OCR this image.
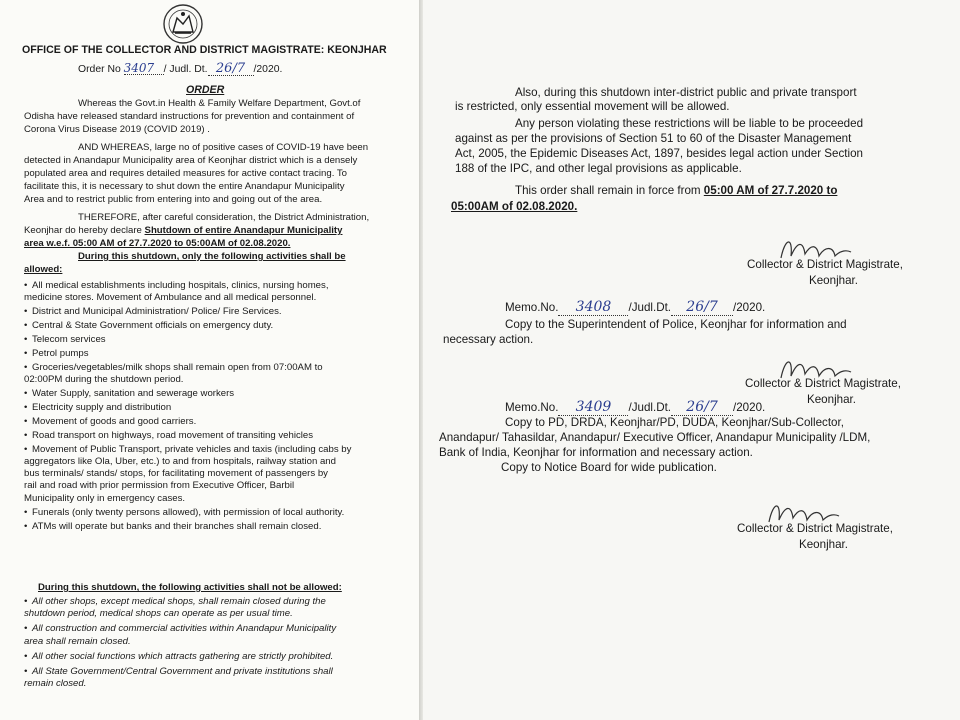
OFFICE OF THE COLLECTOR AND DISTRICT MAGISTRATE: KEONJHAR
Order No 3407 / Judl. Dt. 26/7 /2020.
ORDER
Whereas the Govt.in Health & Family Welfare Department, Govt.of
Odisha have released standard instructions for prevention and containment of
Corona Virus Disease 2019 (COVID 2019) .
AND WHEREAS, large no of positive cases of COVID-19 have been
detected in Anandapur Municipality area of Keonjhar district which is a densely
populated area and requires detailed measures for active contact tracing. To
facilitate this, it is necessary to shut down the entire Anandapur Municipality
Area and to restrict public from entering into and going out of the area.
THEREFORE, after careful consideration, the District Administration,
Keonjhar do hereby declare Shutdown of entire Anandapur Municipality
area w.e.f. 05:00 AM of 27.7.2020 to 05:00AM of 02.08.2020.
During this shutdown, only the following activities shall be
allowed:
• All medical establishments including hospitals, clinics, nursing homes,
medicine stores. Movement of Ambulance and all medical personnel.
• District and Municipal Administration/ Police/ Fire Services.
• Central & State Government officials on emergency duty.
• Telecom services
• Petrol pumps
• Groceries/vegetables/milk shops shall remain open from 07:00AM to
02:00PM during the shutdown period.
• Water Supply, sanitation and sewerage workers
• Electricity supply and distribution
• Movement of goods and good carriers.
• Road transport on highways, road movement of transiting vehicles
• Movement of Public Transport, private vehicles and taxis (including cabs by
aggregators like Ola, Uber, etc.) to and from hospitals, railway station and
bus terminals/ stands/ stops, for facilitating movement of passengers by
rail and road with prior permission from Executive Officer, Barbil
Municipality only in emergency cases.
• Funerals (only twenty persons allowed), with permission of local authority.
• ATMs will operate but banks and their branches shall remain closed.
During this shutdown, the following activities shall not be allowed:
• All other shops, except medical shops, shall remain closed during the
shutdown period, medical shops can operate as per usual time.
• All construction and commercial activities within Anandapur Municipality
area shall remain closed.
• All other social functions which attracts gathering are strictly prohibited.
• All State Government/Central Government and private institutions shall
remain closed.
Also, during this shutdown inter-district public and private transport
is restricted, only essential movement will be allowed.
Any person violating these restrictions will be liable to be proceeded
against as per the provisions of Section 51 to 60 of the Disaster Management
Act, 2005, the Epidemic Diseases Act, 1897, besides legal action under Section
188 of the IPC, and other legal provisions as applicable.
This order shall remain in force from 05:00 AM of 27.7.2020 to
05:00AM of 02.08.2020.
Collector & District Magistrate,
Keonjhar.
Memo.No. 3408 /Judl.Dt. 26/7 /2020.
Copy to the Superintendent of Police, Keonjhar for information and
necessary action.
Collector & District Magistrate,
Keonjhar.
Memo.No. 3409 /Judl.Dt. 26/7 /2020.
Copy to PD, DRDA, Keonjhar/PD, DUDA, Keonjhar/Sub-Collector,
Anandapur/ Tahasildar, Anandapur/ Executive Officer, Anandapur Municipality /LDM,
Bank of India, Keonjhar for information and necessary action.
Copy to Notice Board for wide publication.
Collector & District Magistrate,
Keonjhar.
